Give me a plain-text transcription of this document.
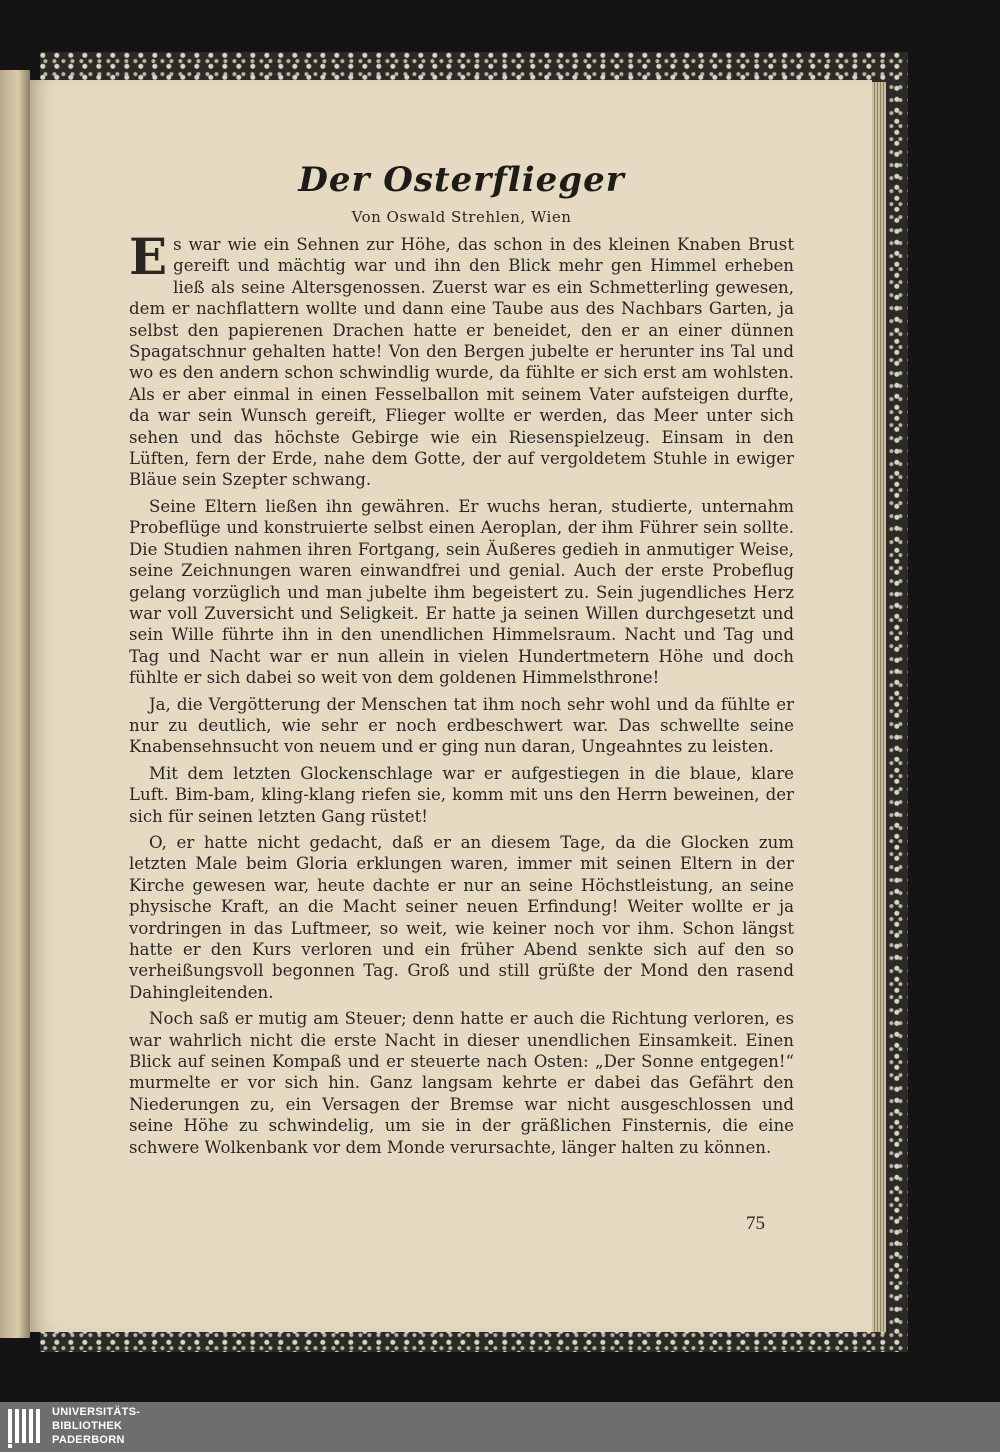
Der Osterflieger
Von Oswald Strehlen, Wien

Es war wie ein Sehnen zur Höhe, das schon in des kleinen Knaben Brust gereift und mächtig war und ihn den Blick mehr gen Himmel erheben ließ als seine Altersgenossen. Zuerst war es ein Schmetterling gewesen, dem er nachflattern wollte und dann eine Taube aus des Nachbars Garten, ja selbst den papierenen Drachen hatte er beneidet, den er an einer dünnen Spagatschnur gehalten hatte! Von den Bergen jubelte er herunter ins Tal und wo es den andern schon schwindlig wurde, da fühlte er sich erst am wohlsten. Als er aber einmal in einen Fesselballon mit seinem Vater aufsteigen durfte, da war sein Wunsch gereift, Flieger wollte er werden, das Meer unter sich sehen und das höchste Gebirge wie ein Riesenspielzeug. Einsam in den Lüften, fern der Erde, nahe dem Gotte, der auf vergoldetem Stuhle in ewiger Bläue sein Szepter schwang.

Seine Eltern ließen ihn gewähren. Er wuchs heran, studierte, unternahm Probeflüge und konstruierte selbst einen Aeroplan, der ihm Führer sein sollte. Die Studien nahmen ihren Fortgang, sein Äußeres gedieh in anmutiger Weise, seine Zeichnungen waren einwandfrei und genial. Auch der erste Probeflug gelang vorzüglich und man jubelte ihm begeistert zu. Sein jugendliches Herz war voll Zuversicht und Seligkeit. Er hatte ja seinen Willen durchgesetzt und sein Wille führte ihn in den unendlichen Himmelsraum. Nacht und Tag und Tag und Nacht war er nun allein in vielen Hundertmetern Höhe und doch fühlte er sich dabei so weit von dem goldenen Himmelsthrone!

Ja, die Vergötterung der Menschen tat ihm noch sehr wohl und da fühlte er nur zu deutlich, wie sehr er noch erdbeschwert war. Das schwellte seine Knabensehnsucht von neuem und er ging nun daran, Ungeahntes zu leisten.

Mit dem letzten Glockenschlage war er aufgestiegen in die blaue, klare Luft. Bim-bam, kling-klang riefen sie, komm mit uns den Herrn beweinen, der sich für seinen letzten Gang rüstet!

O, er hatte nicht gedacht, daß er an diesem Tage, da die Glocken zum letzten Male beim Gloria erklungen waren, immer mit seinen Eltern in der Kirche gewesen war, heute dachte er nur an seine Höchstleistung, an seine physische Kraft, an die Macht seiner neuen Erfindung! Weiter wollte er ja vordringen in das Luftmeer, so weit, wie keiner noch vor ihm. Schon längst hatte er den Kurs verloren und ein früher Abend senkte sich auf den so verheißungsvoll begonnen Tag. Groß und still grüßte der Mond den rasend Dahingleitenden.

Noch saß er mutig am Steuer; denn hatte er auch die Richtung verloren, es war wahrlich nicht die erste Nacht in dieser unendlichen Einsamkeit. Einen Blick auf seinen Kompaß und er steuerte nach Osten: „Der Sonne entgegen!“ murmelte er vor sich hin. Ganz langsam kehrte er dabei das Gefährt den Niederungen zu, ein Versagen der Bremse war nicht ausgeschlossen und seine Höhe zu schwindelig, um sie in der gräßlichen Finsternis, die eine schwere Wolkenbank vor dem Monde verursachte, länger halten zu können.

75
UNIVERSITÄTS-
BIBLIOTHEK
PADERBORN
